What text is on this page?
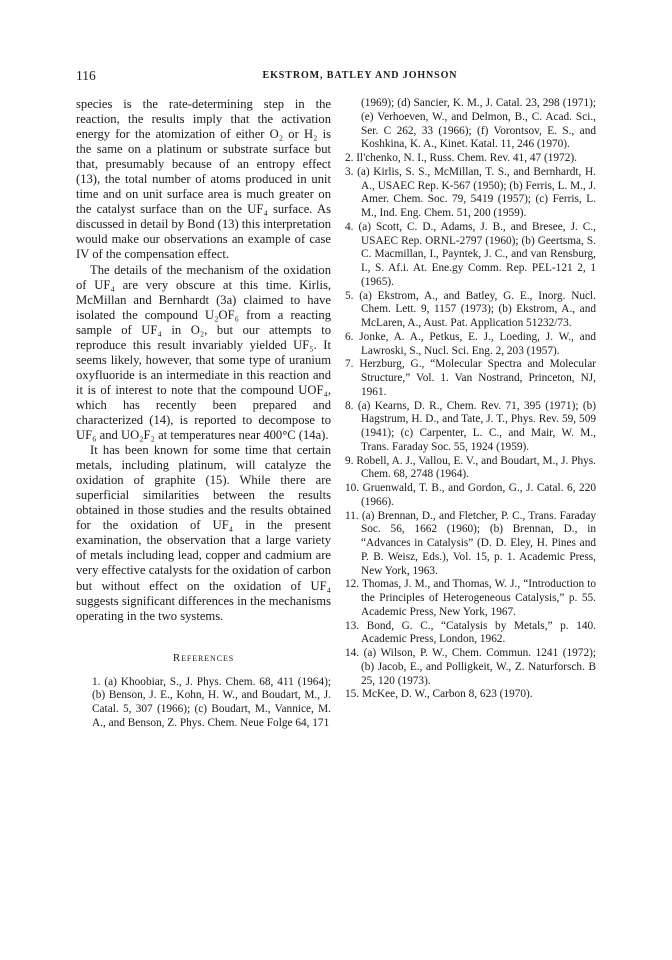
116	EKSTROM, BATLEY AND JOHNSON

species is the rate-determining step in the reaction, the results imply that the activation energy for the atomization of either O₂ or H₂ is the same on a platinum or substrate surface but that, presumably because of an entropy effect (13), the total number of atoms produced in unit time and on unit surface area is much greater on the catalyst surface than on the UF₄ surface. As discussed in detail by Bond (13) this interpretation would make our observations an example of case IV of the compensation effect.

The details of the mechanism of the oxidation of UF₄ are very obscure at this time. Kirlis, McMillan and Bernhardt (3a) claimed to have isolated the compound U₂OF₆ from a reacting sample of UF₄ in O₂, but our attempts to reproduce this result invariably yielded UF₅. It seems likely, however, that some type of uranium oxyfluoride is an intermediate in this reaction and it is of interest to note that the compound UOF₄, which has recently been prepared and characterized (14), is reported to decompose to UF₆ and UO₂F₂ at temperatures near 400°C (14a).

It has been known for some time that certain metals, including platinum, will catalyze the oxidation of graphite (15). While there are superficial similarities between the results obtained in those studies and the results obtained for the oxidation of UF₄ in the present examination, the observation that a large variety of metals including lead, copper and cadmium are very effective catalysts for the oxidation of carbon but without effect on the oxidation of UF₄ suggests significant differences in the mechanisms operating in the two systems.

References

1. (a) Khoobiar, S., J. Phys. Chem. 68, 411 (1964); (b) Benson, J. E., Kohn, H. W., and Boudart, M., J. Catal. 5, 307 (1966); (c) Boudart, M., Vannice, M. A., and Benson, Z. Phys. Chem. Neue Folge 64, 171

(1969); (d) Sancier, K. M., J. Catal. 23, 298 (1971); (e) Verhoeven, W., and Delmon, B., C. Acad. Sci., Ser. C 262, 33 (1966); (f) Vorontsov, E. S., and Koshkina, K. A., Kinet. Katal. 11, 246 (1970).

2. Il'chenko, N. I., Russ. Chem. Rev. 41, 47 (1972).

3. (a) Kirlis, S. S., McMillan, T. S., and Bernhardt, H. A., USAEC Rep. K-567 (1950); (b) Ferris, L. M., J. Amer. Chem. Soc. 79, 5419 (1957); (c) Ferris, L. M., Ind. Eng. Chem. 51, 200 (1959).

4. (a) Scott, C. D., Adams, J. B., and Bresee, J. C., USAEC Rep. ORNL-2797 (1960); (b) Geertsma, S. C. Macmillan, I., Payntek, J. C., and van Rensburg, I., S. Af.i. At. Ene.gy Comm. Rep. PEL-121 2, 1 (1965).

5. (a) Ekstrom, A., and Batley, G. E., Inorg. Nucl. Chem. Lett. 9, 1157 (1973); (b) Ekstrom, A., and McLaren, A., Aust. Pat. Application 51232/73.

6. Jonke, A. A., Petkus, E. J., Loeding, J. W., and Lawroski, S., Nucl. Sci. Eng. 2, 203 (1957).

7. Herzburg, G., “Molecular Spectra and Molecular Structure,” Vol. 1. Van Nostrand, Princeton, NJ, 1961.

8. (a) Kearns, D. R., Chem. Rev. 71, 395 (1971); (b) Hagstrum, H. D., and Tate, J. T., Phys. Rev. 59, 509 (1941); (c) Carpenter, L. C., and Mair, W. M., Trans. Faraday Soc. 55, 1924 (1959).

9. Robell, A. J., Vallou, E. V., and Boudart, M., J. Phys. Chem. 68, 2748 (1964).

10. Gruenwald, T. B., and Gordon, G., J. Catal. 6, 220 (1966).

11. (a) Brennan, D., and Fletcher, P. C., Trans. Faraday Soc. 56, 1662 (1960); (b) Brennan, D., in “Advances in Catalysis” (D. D. Eley, H. Pines and P. B. Weisz, Eds.), Vol. 15, p. 1. Academic Press, New York, 1963.

12. Thomas, J. M., and Thomas, W. J., “Introduction to the Principles of Heterogeneous Catalysis,” p. 55. Academic Press, New York, 1967.

13. Bond, G. C., “Catalysis by Metals,” p. 140. Academic Press, London, 1962.

14. (a) Wilson, P. W., Chem. Commun. 1241 (1972); (b) Jacob, E., and Polligkeit, W., Z. Naturforsch. B 25, 120 (1973).

15. McKee, D. W., Carbon 8, 623 (1970).
